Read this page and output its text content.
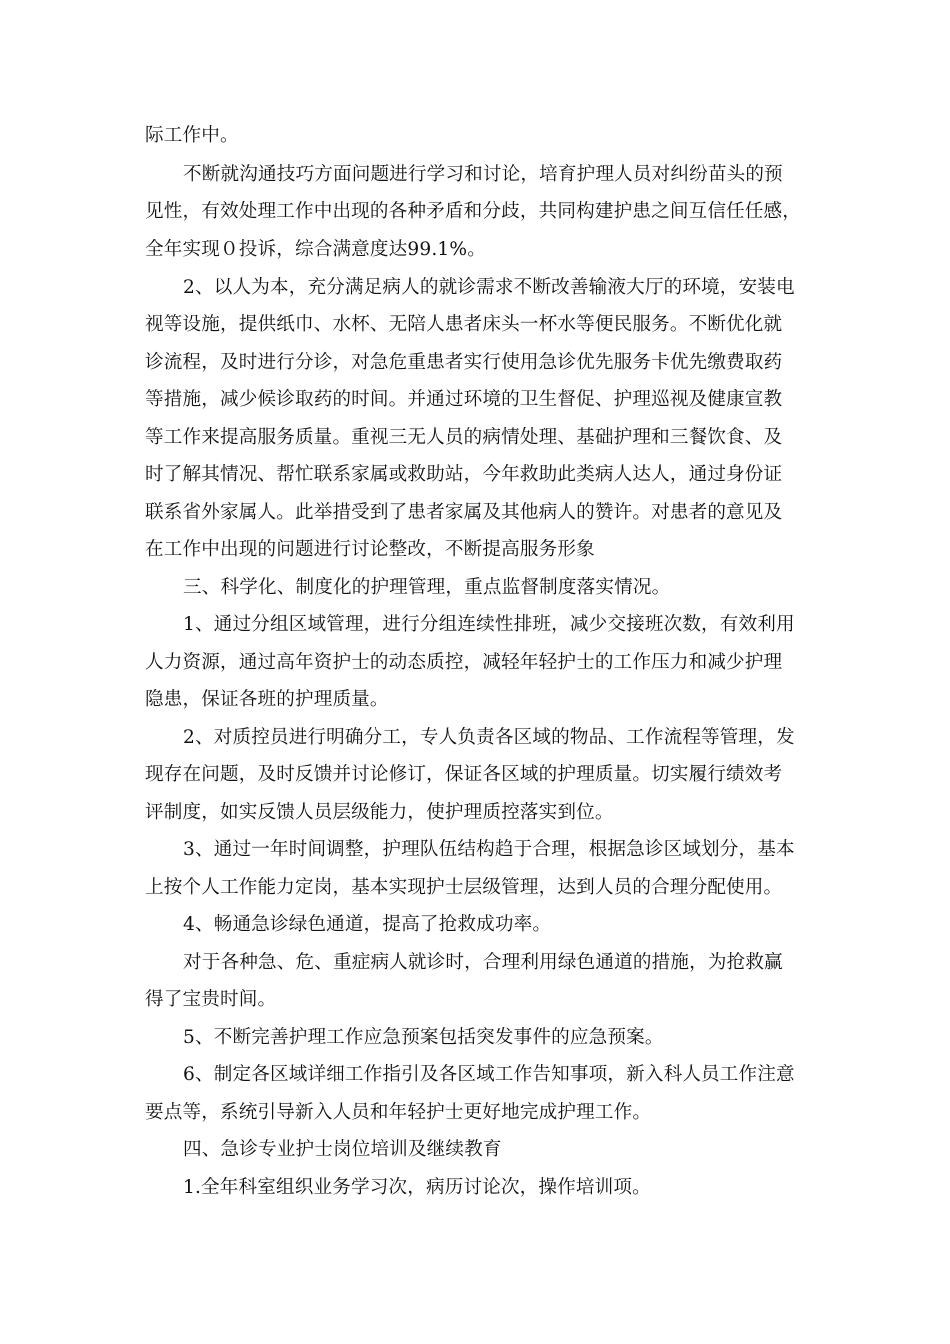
际工作中。
不断就沟通技巧方面问题进行学习和讨论，培育护理人员对纠纷苗头的预
见性，有效处理工作中出现的各种矛盾和分歧，共同构建护患之间互信任任感，
全年实现０投诉，综合满意度达99.1%。
2、以人为本，充分满足病人的就诊需求不断改善输液大厅的环境，安装电
视等设施，提供纸巾、水杯、无陪人患者床头一杯水等便民服务。不断优化就
诊流程，及时进行分诊，对急危重患者实行使用急诊优先服务卡优先缴费取药
等措施，减少候诊取药的时间。并通过环境的卫生督促、护理巡视及健康宣教
等工作来提高服务质量。重视三无人员的病情处理、基础护理和三餐饮食、及
时了解其情况、帮忙联系家属或救助站，今年救助此类病人达人，通过身份证
联系省外家属人。此举措受到了患者家属及其他病人的赞许。对患者的意见及
在工作中出现的问题进行讨论整改，不断提高服务形象
三、科学化、制度化的护理管理，重点监督制度落实情况。
1、通过分组区域管理，进行分组连续性排班，减少交接班次数，有效利用
人力资源，通过高年资护士的动态质控，减轻年轻护士的工作压力和减少护理
隐患，保证各班的护理质量。
2、对质控员进行明确分工，专人负责各区域的物品、工作流程等管理，发
现存在问题，及时反馈并讨论修订，保证各区域的护理质量。切实履行绩效考
评制度，如实反馈人员层级能力，使护理质控落实到位。
3、通过一年时间调整，护理队伍结构趋于合理，根据急诊区域划分，基本
上按个人工作能力定岗，基本实现护士层级管理，达到人员的合理分配使用。
4、畅通急诊绿色通道，提高了抢救成功率。
对于各种急、危、重症病人就诊时，合理利用绿色通道的措施，为抢救赢
得了宝贵时间。
5、不断完善护理工作应急预案包括突发事件的应急预案。
6、制定各区域详细工作指引及各区域工作告知事项，新入科人员工作注意
要点等，系统引导新入人员和年轻护士更好地完成护理工作。
四、急诊专业护士岗位培训及继续教育
1.全年科室组织业务学习次，病历讨论次，操作培训项。
